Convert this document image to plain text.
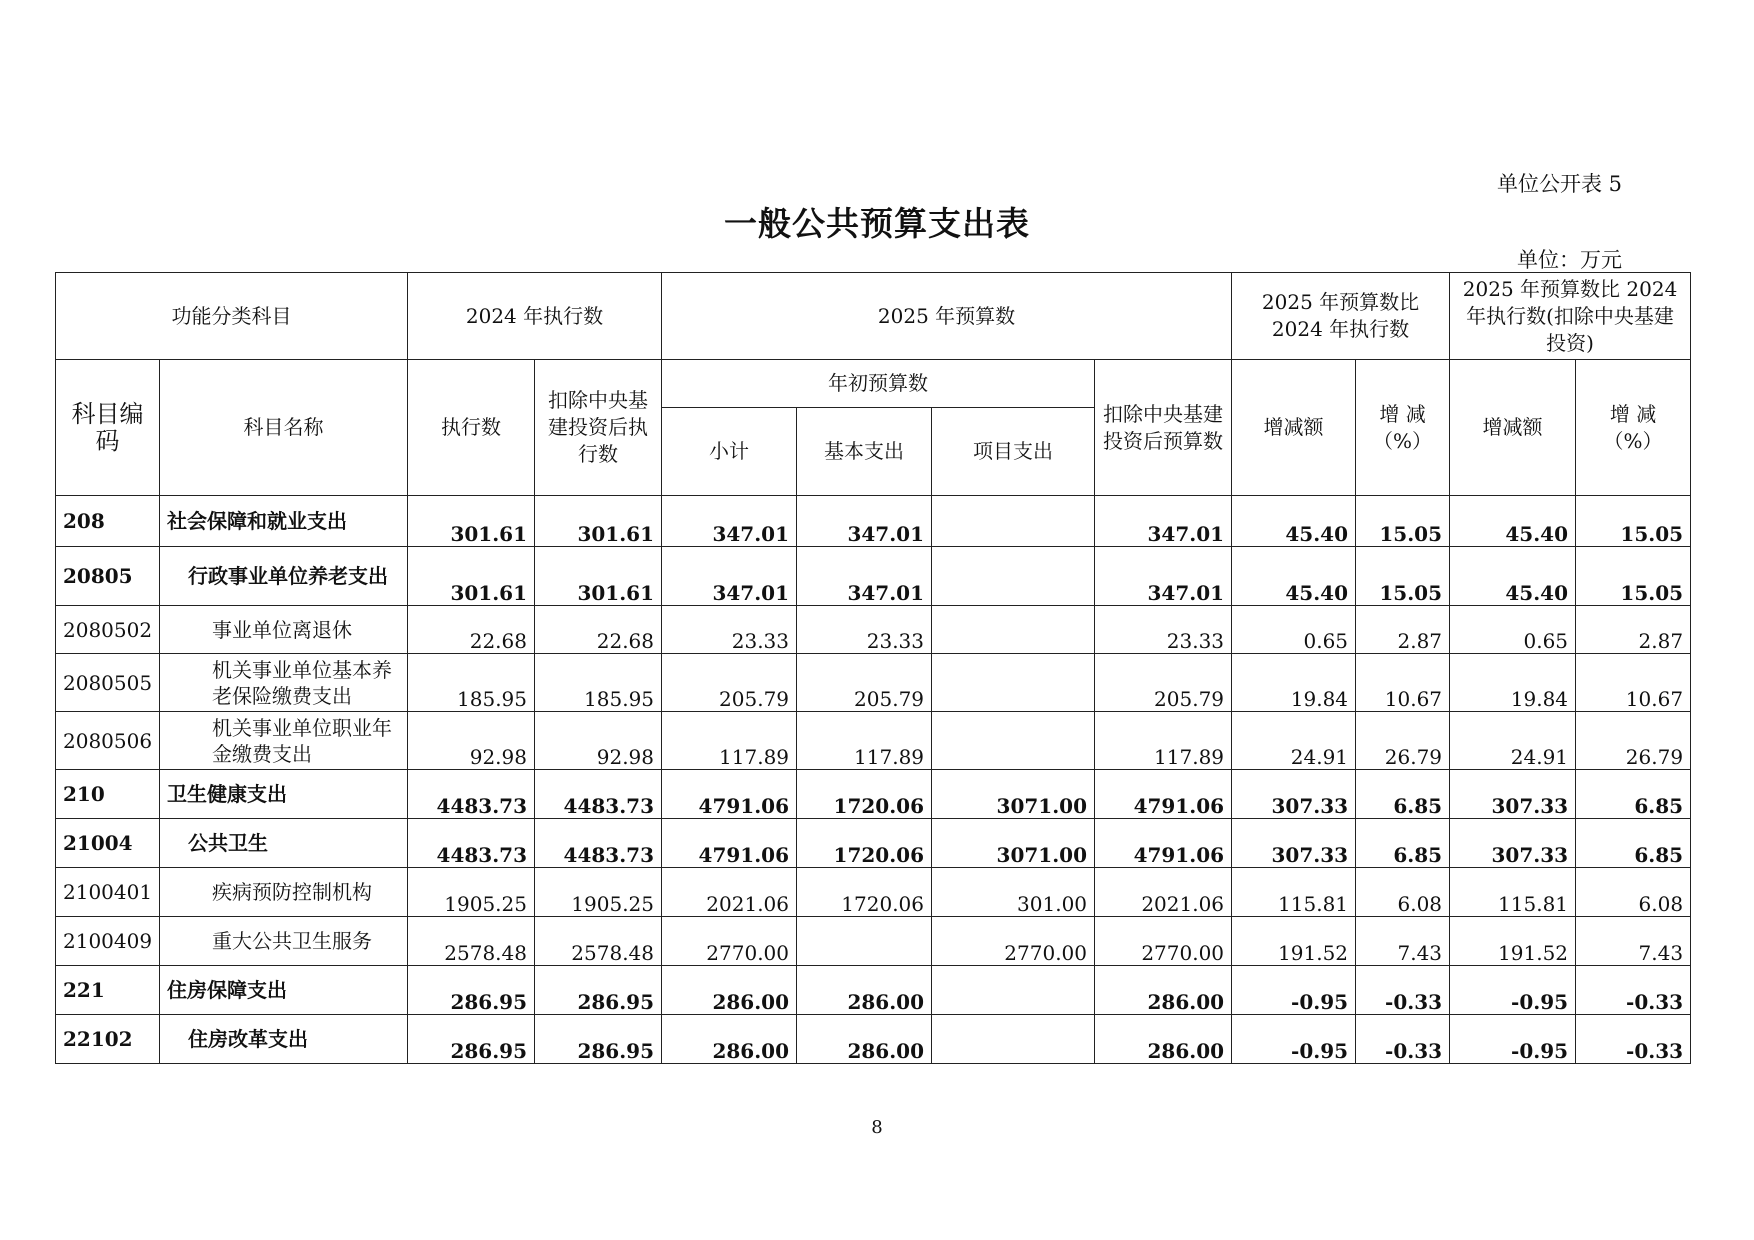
单位公开表 5
一般公共预算支出表
单位：万元
功能分类科目		2024 年执行数		2025 年预算数				2025 年预算数比 2024 年执行数		2025 年预算数比 2024 年执行数(扣除中央基建投资)	
科目编码	科目名称	执行数	扣除中央基建投资后执行数	年初预算数			扣除中央基建投资后预算数	增减额	增 减 （%）	增减额	增 减 （%）
				小计	基本支出	项目支出					
208	社会保障和就业支出	301.61	301.61	347.01	347.01		347.01	45.40	15.05	45.40	15.05
20805	行政事业单位养老支出	301.61	301.61	347.01	347.01		347.01	45.40	15.05	45.40	15.05
2080502	事业单位离退休	22.68	22.68	23.33	23.33		23.33	0.65	2.87	0.65	2.87
2080505	机关事业单位基本养老保险缴费支出	185.95	185.95	205.79	205.79		205.79	19.84	10.67	19.84	10.67
2080506	机关事业单位职业年金缴费支出	92.98	92.98	117.89	117.89		117.89	24.91	26.79	24.91	26.79
210	卫生健康支出	4483.73	4483.73	4791.06	1720.06	3071.00	4791.06	307.33	6.85	307.33	6.85
21004	公共卫生	4483.73	4483.73	4791.06	1720.06	3071.00	4791.06	307.33	6.85	307.33	6.85
2100401	疾病预防控制机构	1905.25	1905.25	2021.06	1720.06	301.00	2021.06	115.81	6.08	115.81	6.08
2100409	重大公共卫生服务	2578.48	2578.48	2770.00		2770.00	2770.00	191.52	7.43	191.52	7.43
221	住房保障支出	286.95	286.95	286.00	286.00		286.00	-0.95	-0.33	-0.95	-0.33
22102	住房改革支出	286.95	286.95	286.00	286.00		286.00	-0.95	-0.33	-0.95	-0.33
8
